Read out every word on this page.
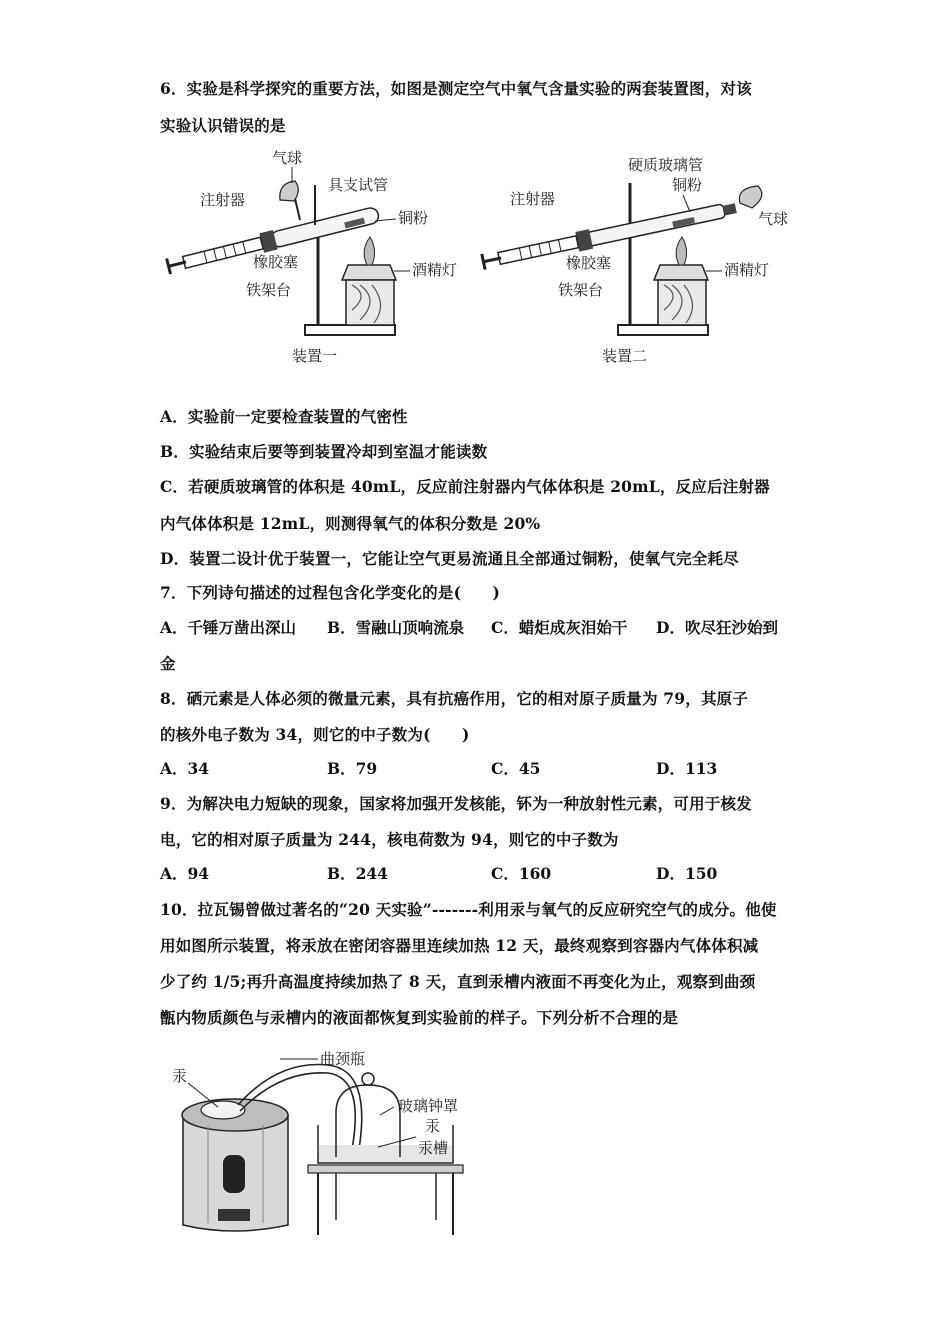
6．实验是科学探究的重要方法，如图是测定空气中氧气含量实验的两套装置图，对该
实验认识错误的是
气球
具支试管
注射器
铜粉
橡胶塞	酒精灯
铁架台
装置一
硬质玻璃管
铜粉
注射器
气球
橡胶塞	酒精灯
铁架台
装置二
A．实验前一定要检查装置的气密性
B．实验结束后要等到装置冷却到室温才能读数
C．若硬质玻璃管的体积是 40mL，反应前注射器内气体体积是 20mL，反应后注射器
内气体体积是 12mL，则测得氧气的体积分数是 20%
D．装置二设计优于装置一，它能让空气更易流通且全部通过铜粉，使氧气完全耗尽
7．下列诗句描述的过程包含化学变化的是(　　)
A．千锤万凿出深山 B．雪融山顶响流泉 C．蜡炬成灰泪始干 D．吹尽狂沙始到
金
8．硒元素是人体必须的微量元素，具有抗癌作用，它的相对原子质量为 79，其原子
的核外电子数为 34，则它的中子数为(　　)
A．34	B．79	C．45	D．113
9．为解决电力短缺的现象，国家将加强开发核能，钚为一种放射性元素，可用于核发
电，它的相对原子质量为 244，核电荷数为 94，则它的中子数为
A．94	B．244	C．160	D．150
10．拉瓦锡曾做过著名的“20 天实验”-------利用汞与氧气的反应研究空气的成分。他使
用如图所示装置，将汞放在密闭容器里连续加热 12 天，最终观察到容器内气体体积减
少了约 1/5;再升高温度持续加热了 8 天，直到汞槽内液面不再变化为止，观察到曲颈
甑内物质颜色与汞槽内的液面都恢复到实验前的样子。下列分析不合理的是
汞
曲颈瓶
玻璃钟罩
汞
汞槽
